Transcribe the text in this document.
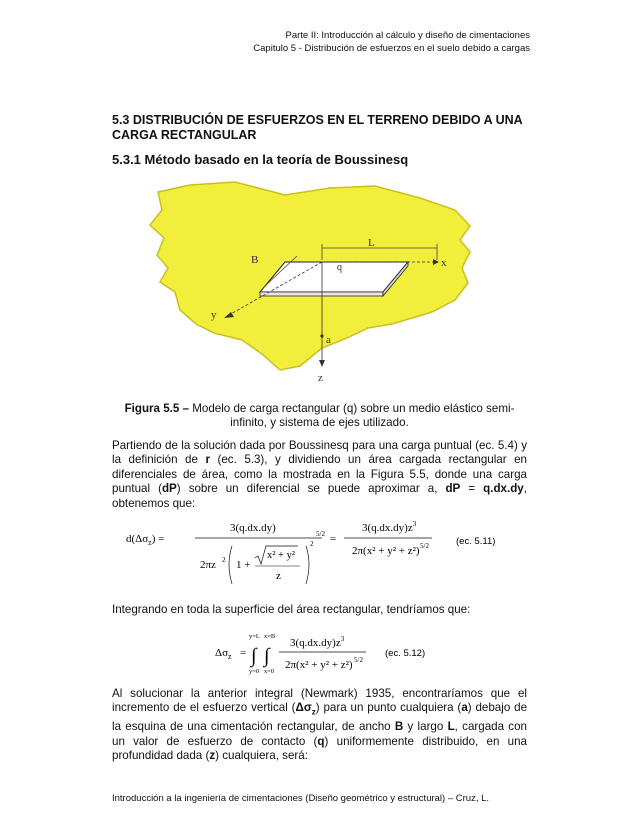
Parte II: Introducción al cálculo y diseño de cimentaciones
Capitulo 5 - Distribución de esfuerzos en el suelo debido a cargas
5.3 DISTRIBUCIÓN DE ESFUERZOS EN EL TERRENO DEBIDO A UNA
CARGA RECTANGULAR
5.3.1 Método basado en la teoría de Boussinesq
L
B
q	x
y
z
a
Figura 5.5 – Modelo de carga rectangular (q) sobre un medio elástico semi-
infinito, y sistema de ejes utilizado.
Partiendo de la solución dada por Boussinesq para una carga puntual (ec. 5.4) y la definición de r (ec. 5.3), y dividiendo un área cargada rectangular en diferenciales de área, como la mostrada en la Figura 5.5, donde una carga puntual (dP) sobre un diferencial se puede aproximar a, dP = q.dx.dy, obtenemos que:
$d(\Delta\sigma_z)$ =
3(q.dx.dy)
2πz 2 1 +
x² + y²
z
2
5/2 =
$3(q.dx.dy)z^3$
2π(x² + y² + z²) 5/2	(ec. 5.11)
Integrando en toda la superficie del área rectangular, tendríamos que:
$\Delta\sigma_z$ =
y=L x=B
∫ ∫
y=0 x=0
$3(q.dx.dy)z^3$
2π(x² + y² + z²) 5/2
(ec. 5.12)
Al solucionar la anterior integral (Newmark) 1935, encontraríamos que el incremento de el esfuerzo vertical $(\Delta\sigma_z)$ para un punto cualquiera (a) debajo de la esquina de una cimentación rectangular, de ancho B y largo L, cargada con un valor de esfuerzo de contacto (q) uniformemente distribuido, en una profundidad dada (z) cualquiera, será:
Introducción a la ingeniería de cimentaciones (Diseño geométrico y estructural) – Cruz, L.
